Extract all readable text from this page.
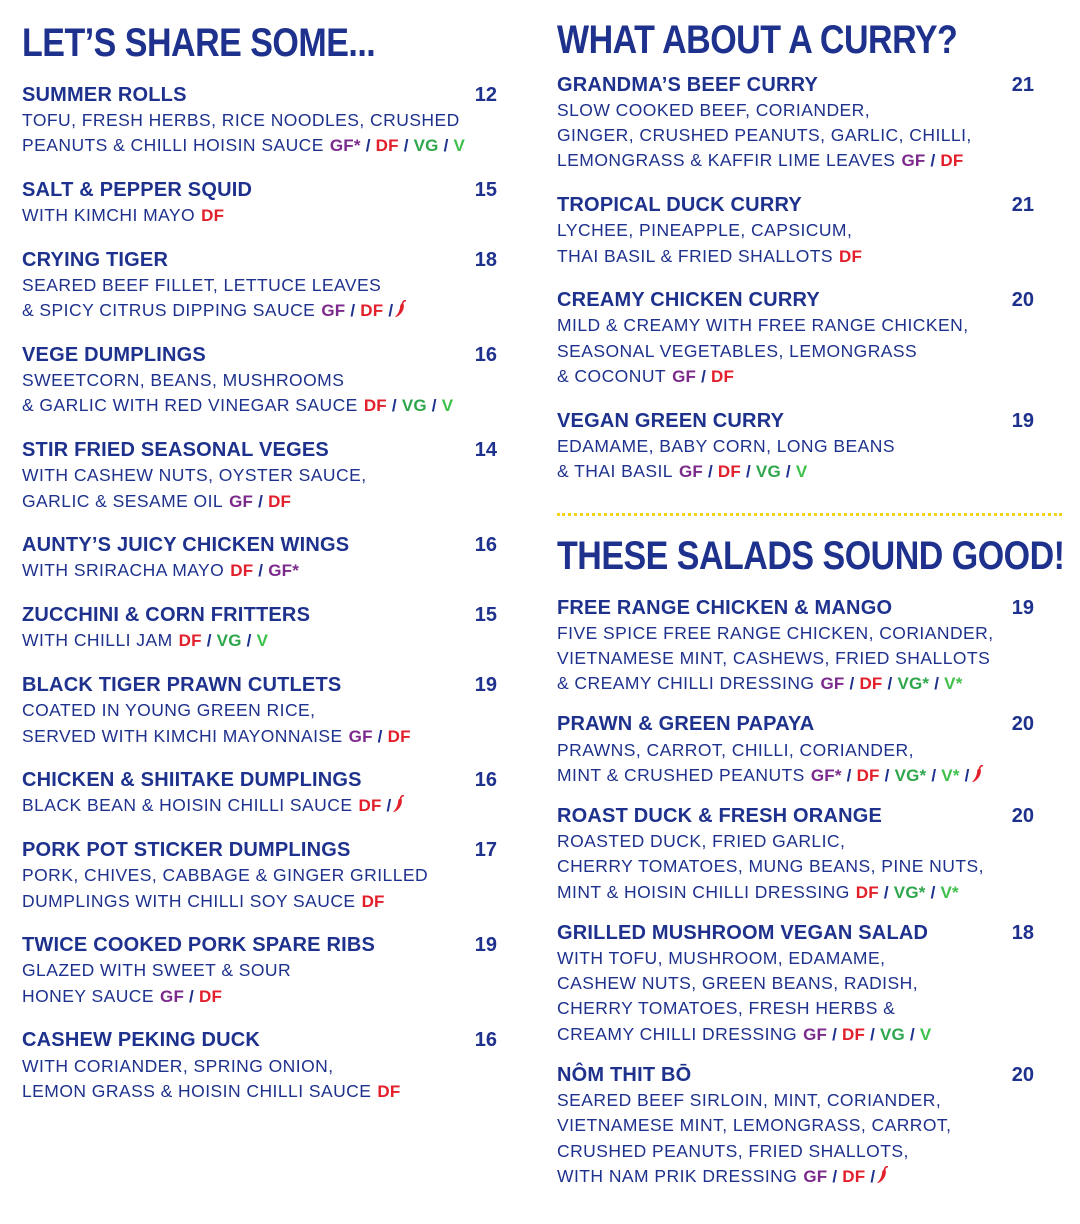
LET’S SHARE SOME...
SUMMER ROLLS	12
TOFU, FRESH HERBS, RICE NOODLES, CRUSHED
PEANUTS & CHILLI HOISIN SAUCE GF* / DF / VG / V
SALT & PEPPER SQUID	15
WITH KIMCHI MAYO DF
CRYING TIGER	18
SEARED BEEF FILLET, LETTUCE LEAVES
& SPICY CITRUS DIPPING SAUCE GF / DF /
VEGE DUMPLINGS	16
SWEETCORN, BEANS, MUSHROOMS
& GARLIC WITH RED VINEGAR SAUCE DF / VG / V
STIR FRIED SEASONAL VEGES	14
WITH CASHEW NUTS, OYSTER SAUCE,
GARLIC & SESAME OIL GF / DF
AUNTY’S JUICY CHICKEN WINGS	16
WITH SRIRACHA MAYO DF / GF*
ZUCCHINI & CORN FRITTERS	15
WITH CHILLI JAM DF / VG / V
BLACK TIGER PRAWN CUTLETS	19
COATED IN YOUNG GREEN RICE,
SERVED WITH KIMCHI MAYONNAISE GF / DF
CHICKEN & SHIITAKE DUMPLINGS	16
BLACK BEAN & HOISIN CHILLI SAUCE DF /
PORK POT STICKER DUMPLINGS	17
PORK, CHIVES, CABBAGE & GINGER GRILLED
DUMPLINGS WITH CHILLI SOY SAUCE DF
TWICE COOKED PORK SPARE RIBS	19
GLAZED WITH SWEET & SOUR
HONEY SAUCE GF / DF
CASHEW PEKING DUCK	16
WITH CORIANDER, SPRING ONION,
LEMON GRASS & HOISIN CHILLI SAUCE DF
WHAT ABOUT A CURRY?
GRANDMA’S BEEF CURRY	21
SLOW COOKED BEEF, CORIANDER,
GINGER, CRUSHED PEANUTS, GARLIC, CHILLI,
LEMONGRASS & KAFFIR LIME LEAVES GF / DF
TROPICAL DUCK CURRY	21
LYCHEE, PINEAPPLE, CAPSICUM,
THAI BASIL & FRIED SHALLOTS DF
CREAMY CHICKEN CURRY	20
MILD & CREAMY WITH FREE RANGE CHICKEN,
SEASONAL VEGETABLES, LEMONGRASS
& COCONUT GF / DF
VEGAN GREEN CURRY	19
EDAMAME, BABY CORN, LONG BEANS
& THAI BASIL GF / DF / VG / V
THESE SALADS SOUND GOOD!
FREE RANGE CHICKEN & MANGO	19
FIVE SPICE FREE RANGE CHICKEN, CORIANDER,
VIETNAMESE MINT, CASHEWS, FRIED SHALLOTS
& CREAMY CHILLI DRESSING GF / DF / VG* / V*
PRAWN & GREEN PAPAYA	20
PRAWNS, CARROT, CHILLI, CORIANDER,
MINT & CRUSHED PEANUTS GF* / DF / VG* / V* /
ROAST DUCK & FRESH ORANGE	20
ROASTED DUCK, FRIED GARLIC,
CHERRY TOMATOES, MUNG BEANS, PINE NUTS,
MINT & HOISIN CHILLI DRESSING DF / VG* / V*
GRILLED MUSHROOM VEGAN SALAD	18
WITH TOFU, MUSHROOM, EDAMAME,
CASHEW NUTS, GREEN BEANS, RADISH,
CHERRY TOMATOES, FRESH HERBS &
CREAMY CHILLI DRESSING GF / DF / VG / V
NÔM THIT BŌ	20
SEARED BEEF SIRLOIN, MINT, CORIANDER,
VIETNAMESE MINT, LEMONGRASS, CARROT,
CRUSHED PEANUTS, FRIED SHALLOTS,
WITH NAM PRIK DRESSING GF / DF /
